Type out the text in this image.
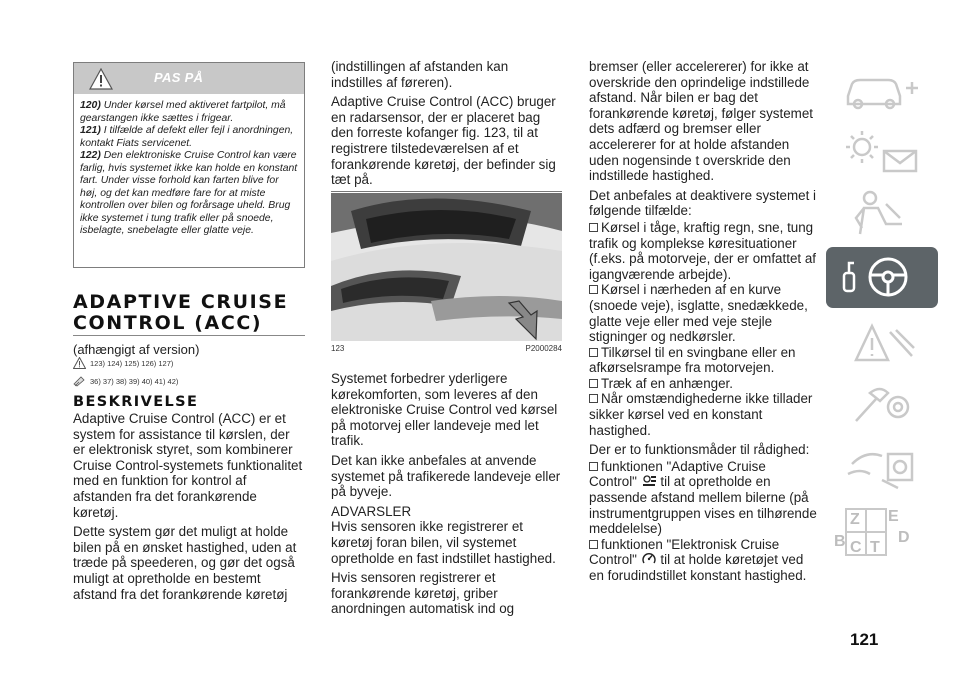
PAS PÅ

120) Under kørsel med aktiveret fartpilot, må gearstangen ikke sættes i frigear.

121) I tilfælde af defekt eller fejl i anordningen, kontakt Fiats servicenet.

122) Den elektroniske Cruise Control kan være farlig, hvis systemet ikke kan holde en konstant fart. Under visse forhold kan farten blive for høj, og det kan medføre fare for at miste kontrollen over bilen og forårsage uheld. Brug ikke systemet i tung trafik eller på snoede, isbelagte, snebelagte eller glatte veje.

ADAPTIVE CRUISE
CONTROL (ACC)
(afhængigt af version)
123) 124) 125) 126) 127)
36) 37) 38) 39) 40) 41) 42)
BESKRIVELSE

Adaptive Cruise Control (ACC) er et system for assistance til kørslen, der er elektronisk styret, som kombinerer Cruise Control-systemets funktionalitet med en funktion for kontrol af afstanden fra det forankørende køretøj.

Dette system gør det muligt at holde bilen på en ønsket hastighed, uden at træde på speederen, og gør det også muligt at opretholde en bestemt afstand fra det forankørende køretøj

(indstillingen af afstanden kan indstilles af føreren).

Adaptive Cruise Control (ACC) bruger en radarsensor, der er placeret bag den forreste kofanger fig. 123, til at registrere tilstedeværelsen af et forankørende køretøj, der befinder sig tæt på.

123	P2000284

Systemet forbedrer yderligere kørekomforten, som leveres af den elektroniske Cruise Control ved kørsel på motorvej eller landeveje med let trafik.

Det kan ikke anbefales at anvende systemet på trafikerede landeveje eller på byveje.

ADVARSLER

Hvis sensoren ikke registrerer et køretøj foran bilen, vil systemet opretholde en fast indstillet hastighed.

Hvis sensoren registrerer et forankørende køretøj, griber anordningen automatisk ind og

bremser (eller accelererer) for ikke at overskride den oprindelige indstillede afstand. Når bilen er bag det forankørende køretøj, følger systemet dets adfærd og bremser eller accelererer for at holde afstanden uden nogensinde t overskride den indstillede hastighed.

Det anbefales at deaktivere systemet i følgende tilfælde:

Kørsel i tåge, kraftig regn, sne, tung trafik og komplekse køresituationer (f.eks. på motorveje, der er omfattet af igangværende arbejde).
Kørsel i nærheden af en kurve (snoede veje), isglatte, snedækkede, glatte veje eller med veje stejle stigninger og nedkørsler.
Tilkørsel til en svingbane eller en afkørselsrampe fra motorvejen.
Træk af en anhænger.
Når omstændighederne ikke tillader sikker kørsel ved en konstant hastighed.

Der er to funktionsmåder til rådighed:

funktionen "Adaptive Cruise Control" til at opretholde en passende afstand mellem bilerne (på instrumentgruppen vises en tilhørende meddelelse)
funktionen "Elektronisk Cruise Control" til at holde køretøjet ved en forudindstillet konstant hastighed.
Z E
B C T
D
121
